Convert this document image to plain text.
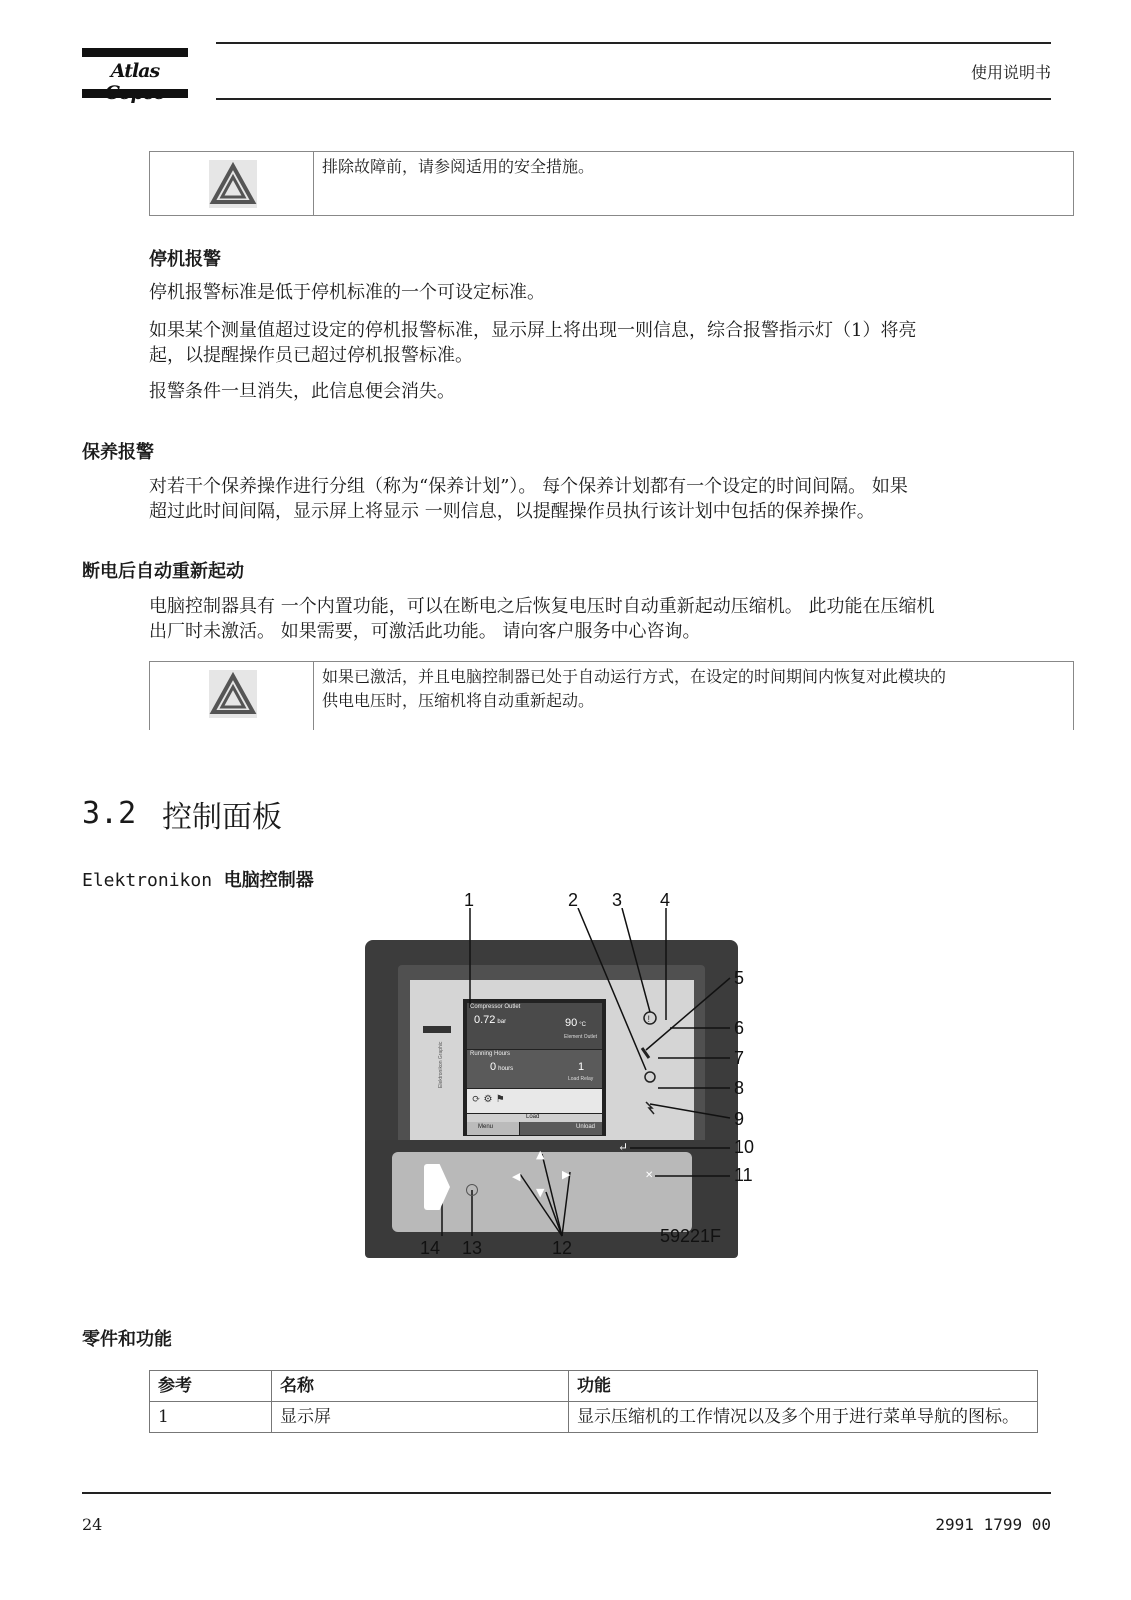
Atlas	使用说明书
排除故障前，请参阅适用的安全措施。
停机报警
停机报警标准是低于停机标准的一个可设定标准。
如果某个测量值超过设定的停机报警标准，显示屏上将出现一则信息，综合报警指示灯（1）将亮
起，以提醒操作员已超过停机报警标准。
报警条件一旦消失，此信息便会消失。
保养报警
对若干个保养操作进行分组（称为“保养计划”）。 每个保养计划都有一个设定的时间间隔。 如果
超过此时间间隔，显示屏上将显示 一则信息，以提醒操作员执行该计划中包括的保养操作。
断电后自动重新起动
电脑控制器具有 一个内置功能，可以在断电之后恢复电压时自动重新起动压缩机。 此功能在压缩机
出厂时未激活。 如果需要，可激活此功能。 请向客户服务中心咨询。
如果已激活，并且电脑控制器已处于自动运行方式，在设定的时间期间内恢复对此模块的
供电电压时，压缩机将自动重新起动。
3.2 控制面板
Elektronikon 电脑控制器
Elektronikon Graphic
!
◀
▲
▼
▶
↵
✕
Compressor Outlet
0.72 bar	90 °C
Element Outlet
Running Hours
0 hours	1
Load Relay
⟳ ⚙ ⚑
Load
Menu	Unload
1	2 3 4
5
6
7
8
9
10
11
12
13
14
59221F
零件和功能
参考	名称	功能
1	显示屏	显示压缩机的工作情况以及多个用于进行菜单导航的图标。
24	2991 1799 00
